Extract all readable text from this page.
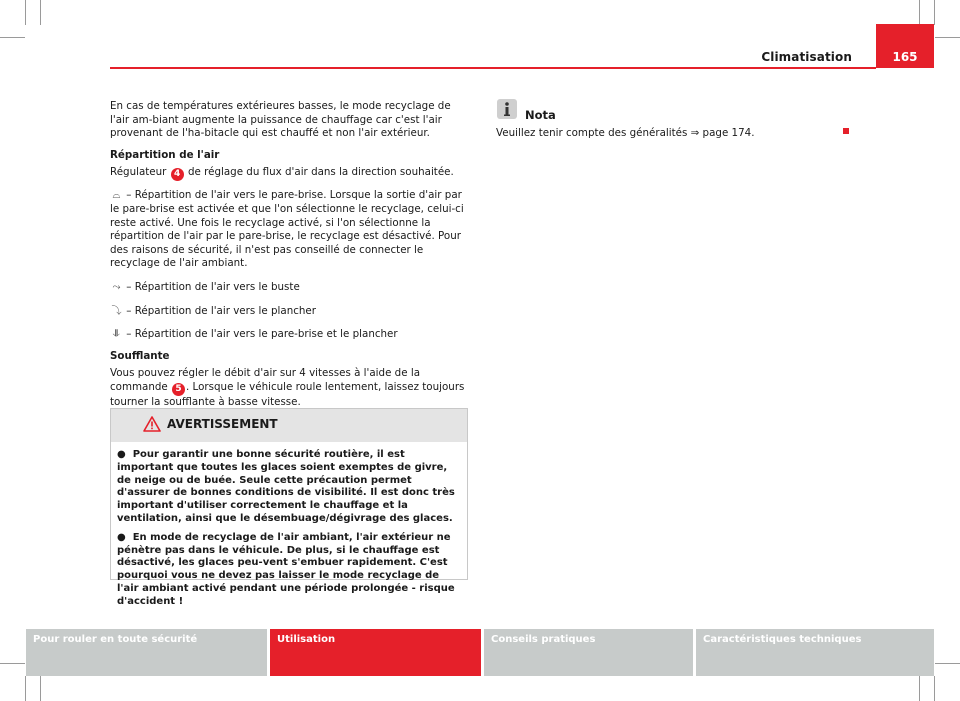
Climatisation	165

En cas de températures extérieures basses, le mode recyclage de l'air am-biant augmente la puissance de chauffage car c'est l'air provenant de l'ha-bitacle qui est chauffé et non l'air extérieur.

Répartition de l'air

Régulateur 4 de réglage du flux d'air dans la direction souhaitée.

⌓ – Répartition de l'air vers le pare-brise. Lorsque la sortie d'air par le pare-brise est activée et que l'on sélectionne le recyclage, celui-ci reste activé. Une fois le recyclage activé, si l'on sélectionne la répartition de l'air par le pare-brise, le recyclage est désactivé. Pour des raisons de sécurité, il n'est pas conseillé de connecter le recyclage de l'air ambiant.

⤳ – Répartition de l'air vers le buste

⤵ – Répartition de l'air vers le plancher

⥥ – Répartition de l'air vers le pare-brise et le plancher

Soufflante

Vous pouvez régler le débit d'air sur 4 vitesses à l'aide de la commande 5 . Lorsque le véhicule roule lentement, laissez toujours tourner la soufflante à basse vitesse.

AVERTISSEMENT

●  Pour garantir une bonne sécurité routière, il est important que toutes les glaces soient exemptes de givre, de neige ou de buée. Seule cette précaution permet d'assurer de bonnes conditions de visibilité. Il est donc très important d'utiliser correctement le chauffage et la ventilation, ainsi que le désembuage/dégivrage des glaces.

●  En mode de recyclage de l'air ambiant, l'air extérieur ne pénètre pas dans le véhicule. De plus, si le chauffage est désactivé, les glaces peu-vent s'embuer rapidement. C'est pourquoi vous ne devez pas laisser le mode recyclage de l'air ambiant activé pendant une période prolongée - risque d'accident !

Nota
Veuillez tenir compte des généralités ⇒ page 174.
Pour rouler en toute sécurité	Utilisation	Conseils pratiques	Caractéristiques techniques
